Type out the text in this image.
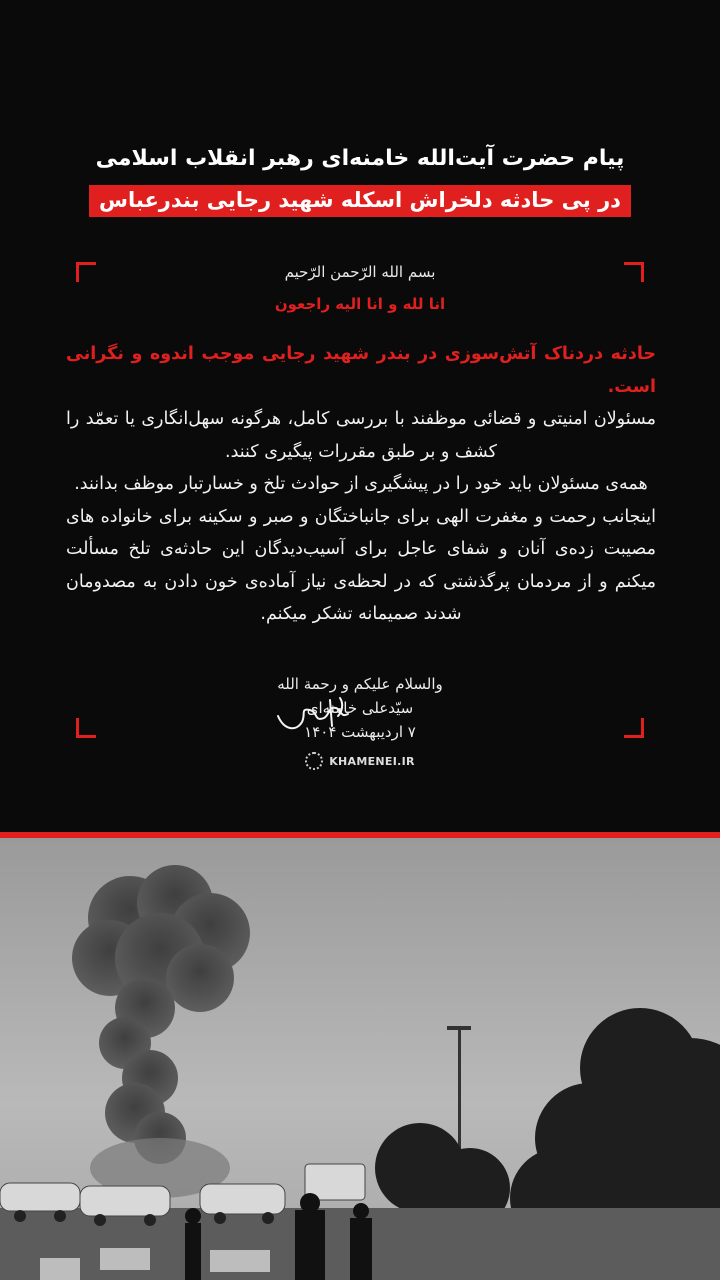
پیام حضرت آیت‌الله خامنه‌ای رهبر انقلاب اسلامی
در پی حادثه دلخراش اسکله شهید رجایی بندرعباس
بسم الله الرّحمن الرّحیم
انا لله و انا الیه راجعون

حادثه دردناک آتش‌سوزی در بندر شهید رجایی موجب اندوه و نگرانی است.

مسئولان امنیتی و قضائی موظفند با بررسی کامل، هرگونه سهل‌انگاری یا تعمّد را کشف و بر طبق مقررات پیگیری کنند.

همه‌ی مسئولان باید خود را در پیشگیری از حوادث تلخ و خسارتبار موظف بدانند.

اینجانب رحمت و مغفرت الهی برای جانباختگان و صبر و سکینه برای خانواده های مصیبت زده‌ی آنان و شفای عاجل برای آسیب‌دیدگان این حادثه‌ی تلخ مسألت میکنم و از مردمان پرگذشتی که در لحظه‌ی نیاز آماده‌ی خون دادن به مصدومان شدند صمیمانه تشکر میکنم.

والسلام علیکم و رحمة الله
سیّدعلی خامنه‌ای
۷ اردیبهشت ۱۴۰۴
KHAMENEI.IR
